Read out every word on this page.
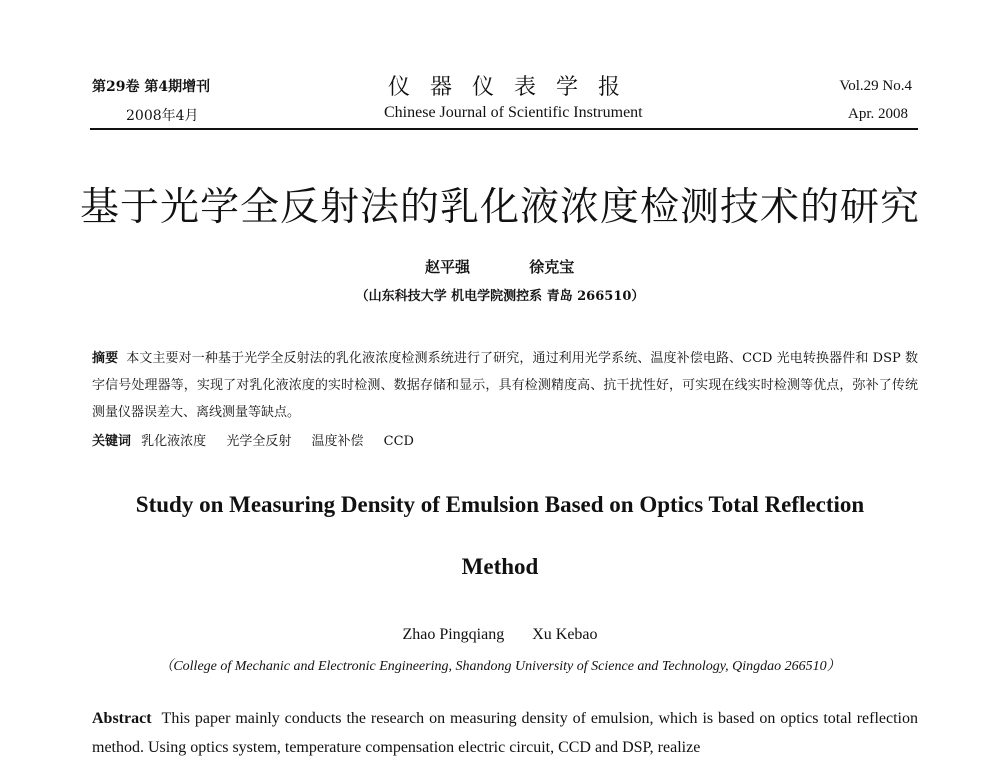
第29卷 第4期增刊
2008年4月
仪器仪表学报
Chinese Journal of Scientific Instrument
Vol.29 No.4
Apr. 2008
基于光学全反射法的乳化液浓度检测技术的研究
赵平强	徐克宝
（山东科技大学 机电学院测控系 青岛 266510）
摘要 本文主要对一种基于光学全反射法的乳化液浓度检测系统进行了研究，通过利用光学系统、温度补偿电路、CCD 光电转换器件和 DSP 数字信号处理器等，实现了对乳化液浓度的实时检测、数据存储和显示，具有检测精度高、抗干扰性好，可实现在线实时检测等优点，弥补了传统测量仪器误差大、离线测量等缺点。
关键词 乳化液浓度 光学全反射 温度补偿 CCD
Study on Measuring Density of Emulsion Based on Optics Total Reflection
Method
Zhao Pingqiang Xu Kebao
（College of Mechanic and Electronic Engineering, Shandong University of Science and Technology, Qingdao 266510）
Abstract This paper mainly conducts the research on measuring density of emulsion, which is based on optics total reflection method. Using optics system, temperature compensation electric circuit, CCD and DSP, realize
